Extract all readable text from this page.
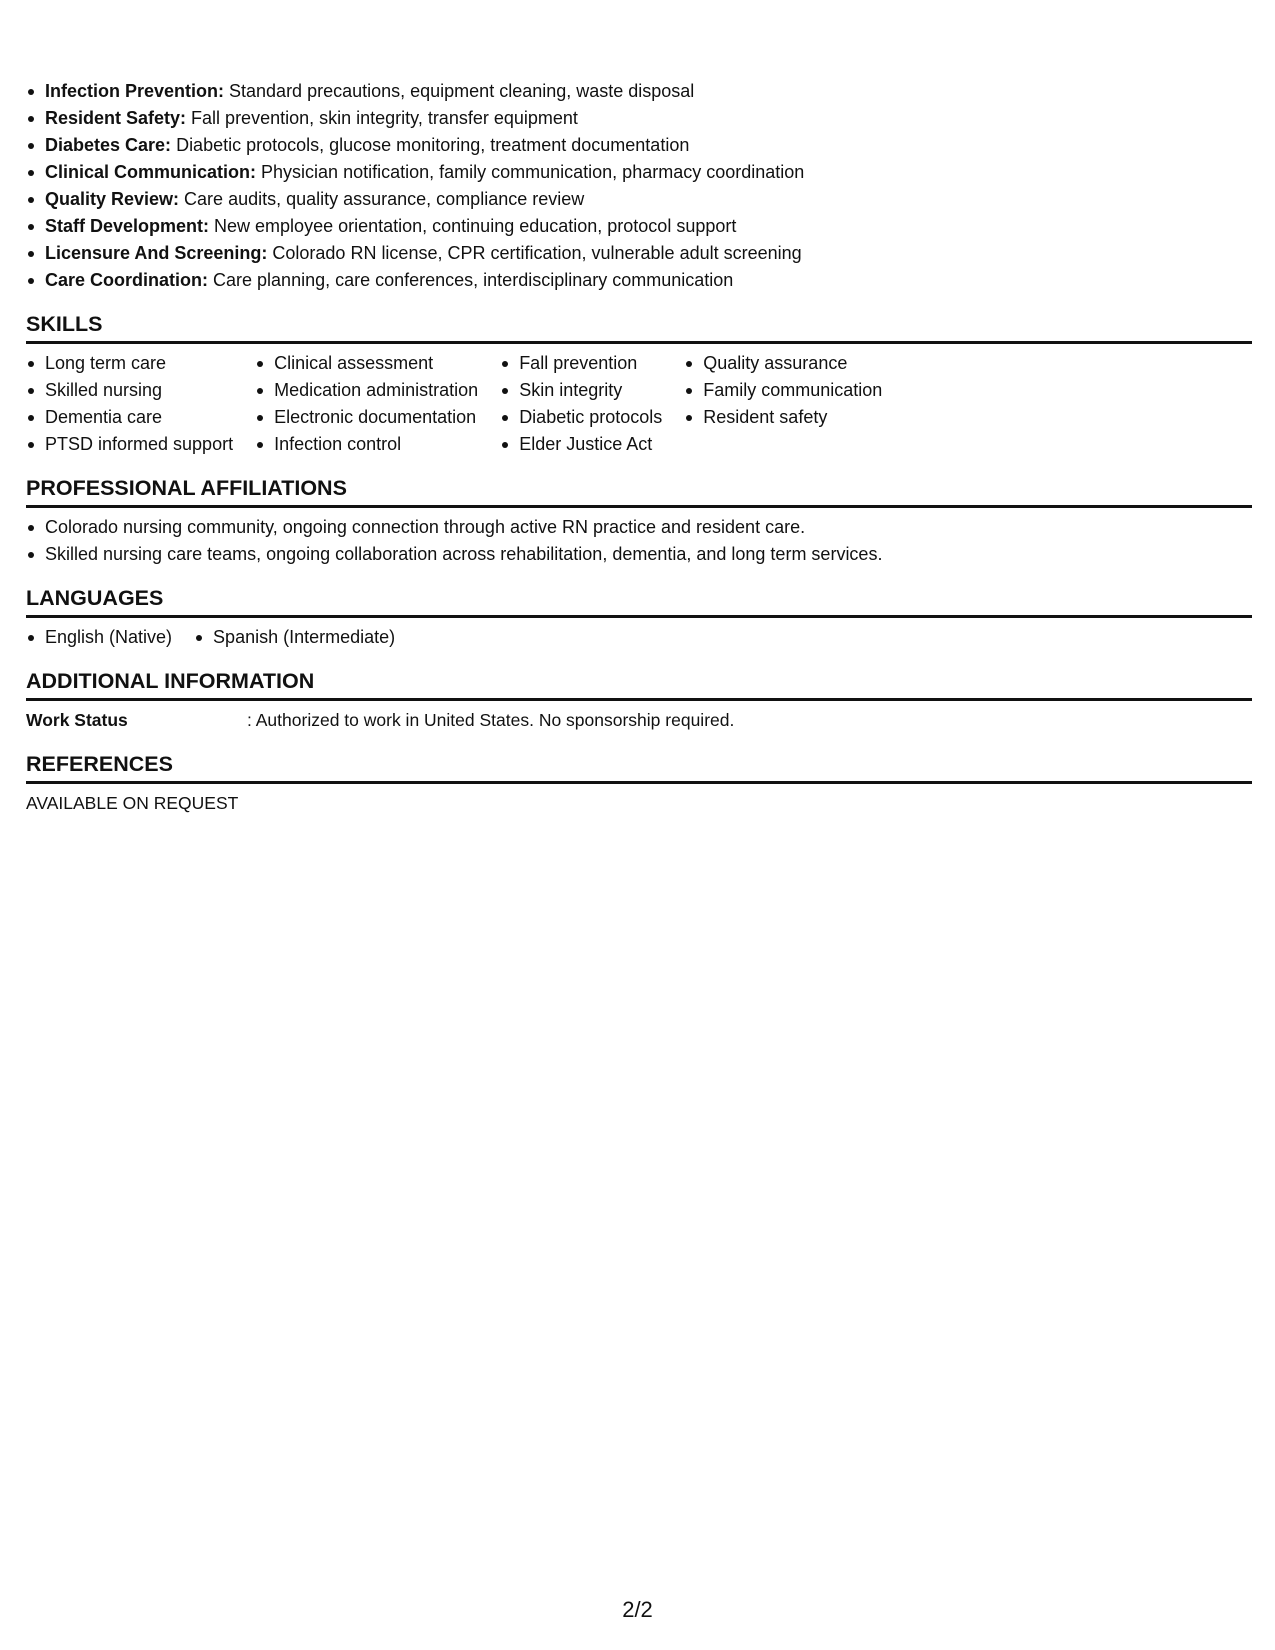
Infection Prevention: Standard precautions, equipment cleaning, waste disposal
Resident Safety: Fall prevention, skin integrity, transfer equipment
Diabetes Care: Diabetic protocols, glucose monitoring, treatment documentation
Clinical Communication: Physician notification, family communication, pharmacy coordination
Quality Review: Care audits, quality assurance, compliance review
Staff Development: New employee orientation, continuing education, protocol support
Licensure And Screening: Colorado RN license, CPR certification, vulnerable adult screening
Care Coordination: Care planning, care conferences, interdisciplinary communication
SKILLS
Long term care
Skilled nursing
Dementia care
PTSD informed support
Clinical assessment
Medication administration
Electronic documentation
Infection control
Fall prevention
Skin integrity
Diabetic protocols
Elder Justice Act
Quality assurance
Family communication
Resident safety
PROFESSIONAL AFFILIATIONS
Colorado nursing community, ongoing connection through active RN practice and resident care.
Skilled nursing care teams, ongoing collaboration across rehabilitation, dementia, and long term services.
LANGUAGES
English (Native)	Spanish (Intermediate)
ADDITIONAL INFORMATION
Work Status	: Authorized to work in United States. No sponsorship required.
REFERENCES
AVAILABLE ON REQUEST
2/2
